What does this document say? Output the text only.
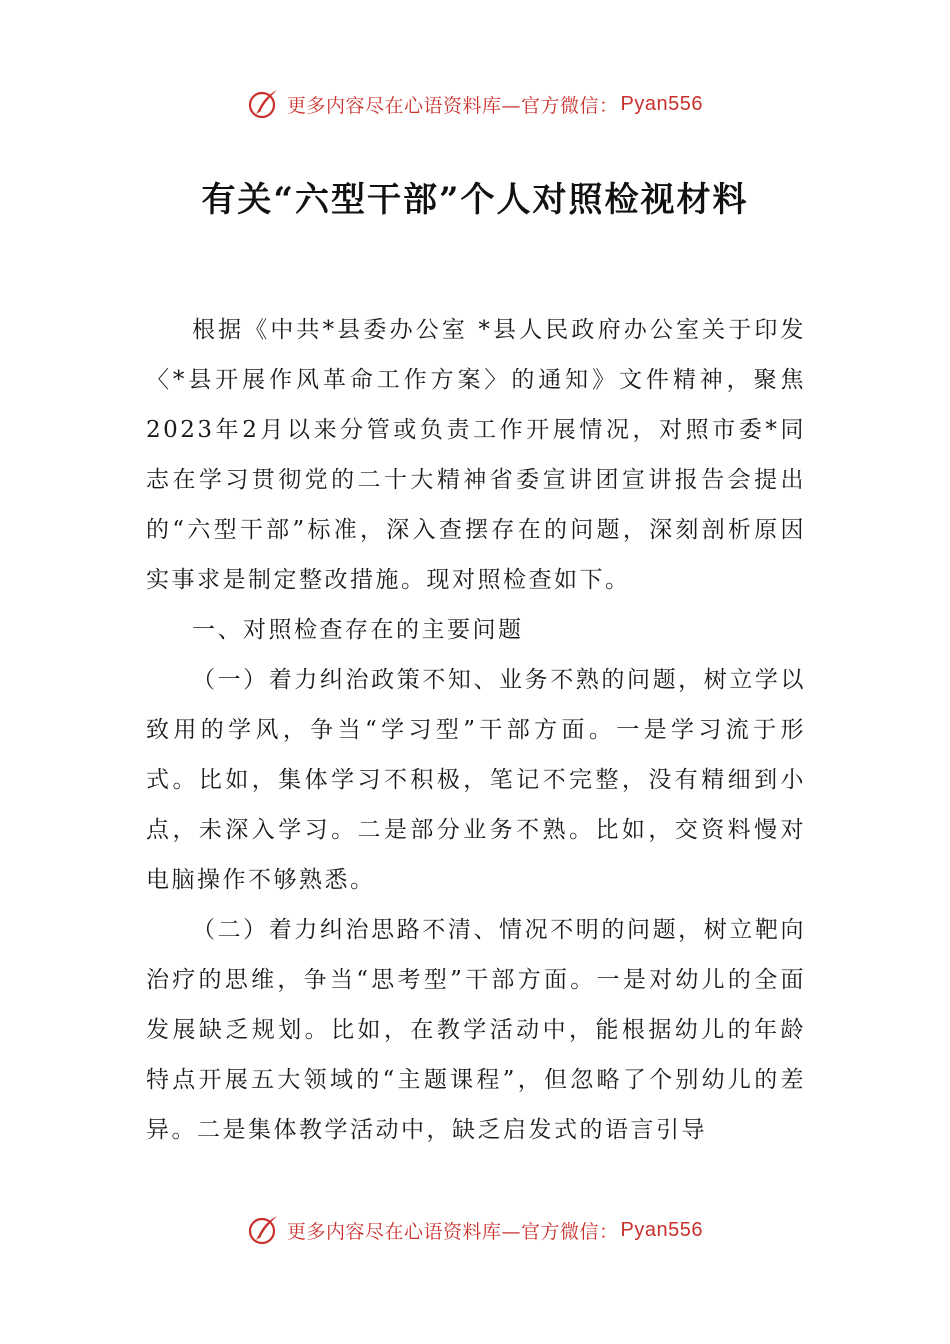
更多内容尽在心语资料库—官方微信： Pyan556
有关“六型干部”个人对照检视材料

根据《中共*县委办公室 *县人民政府办公室关于印发〈*县开展作风革命工作方案〉的通知》文件精神，聚焦2023年2月以来分管或负责工作开展情况，对照市委*同志在学习贯彻党的二十大精神省委宣讲团宣讲报告会提出的“六型干部”标准，深入查摆存在的问题，深刻剖析原因实事求是制定整改措施。现对照检查如下。

一、对照检查存在的主要问题

（一）着力纠治政策不知、业务不熟的问题，树立学以致用的学风，争当“学习型”干部方面。一是学习流于形式。比如，集体学习不积极，笔记不完整，没有精细到小点，未深入学习。二是部分业务不熟。比如，交资料慢对电脑操作不够熟悉。

（二）着力纠治思路不清、情况不明的问题，树立靶向治疗的思维，争当“思考型”干部方面。一是对幼儿的全面发展缺乏规划。比如，在教学活动中，能根据幼儿的年龄特点开展五大领域的“主题课程”，但忽略了个别幼儿的差异。二是集体教学活动中，缺乏启发式的语言引导

更多内容尽在心语资料库—官方微信： Pyan556
